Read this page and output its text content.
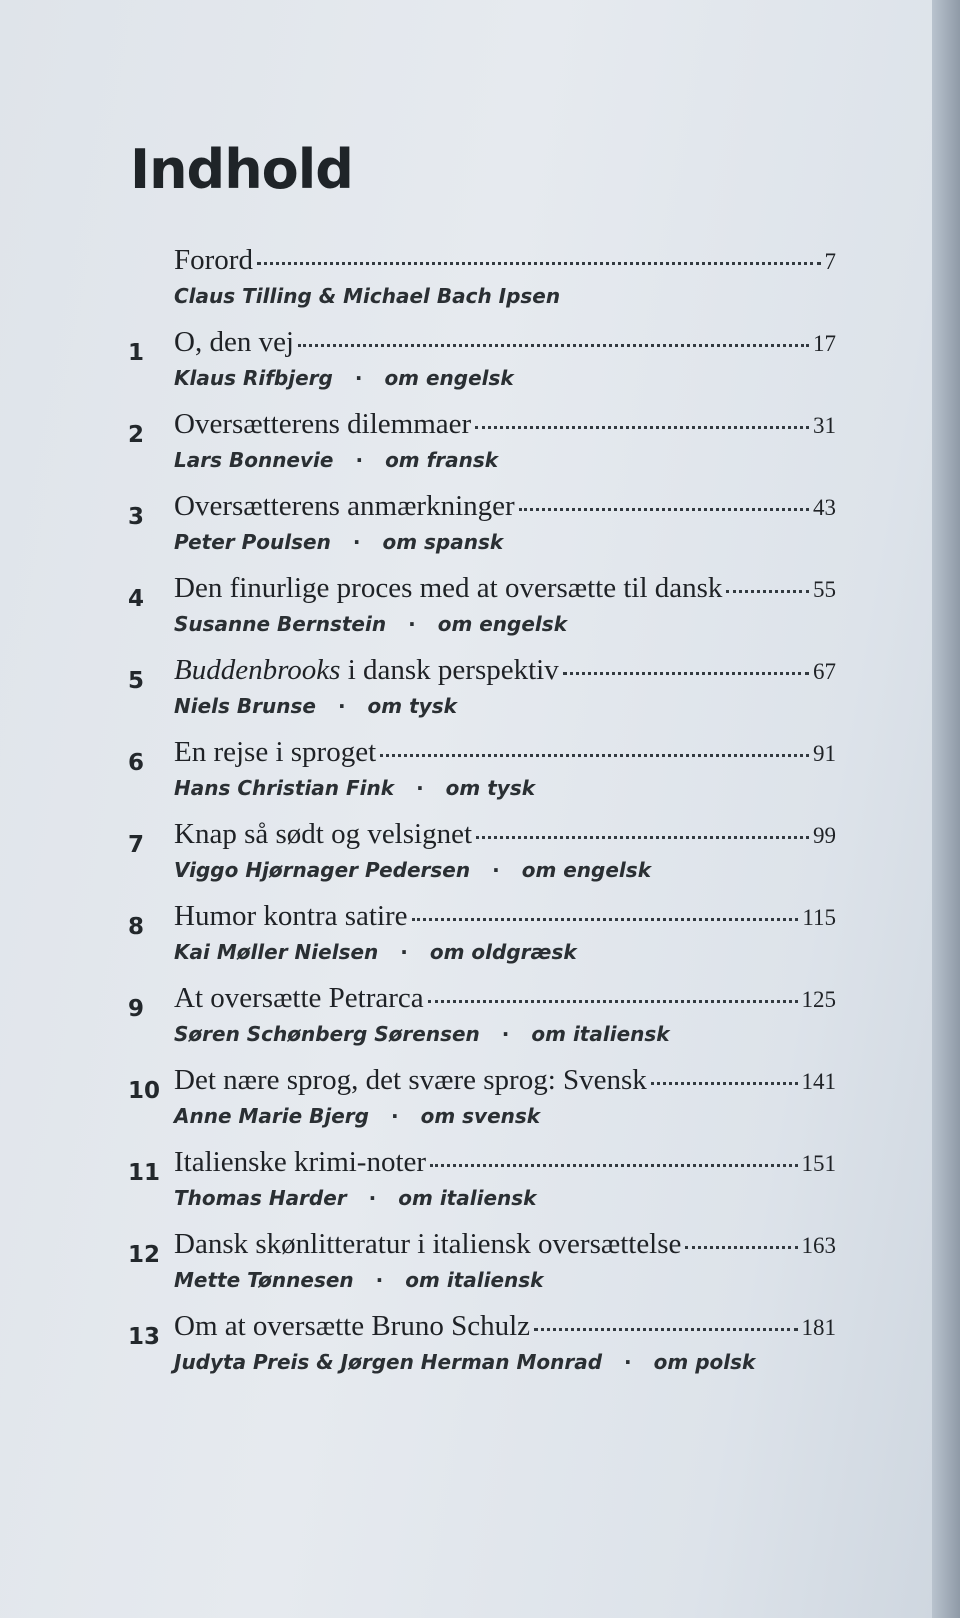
Indhold
Forord	7
Claus Tilling & Michael Bach Ipsen
1	O, den vej	17
Klaus Rifbjerg · om engelsk
2	Oversætterens dilemmaer	31
Lars Bonnevie · om fransk
3	Oversætterens anmærkninger	43
Peter Poulsen · om spansk
4	Den finurlige proces med at oversætte til dansk	55
Susanne Bernstein · om engelsk
5	Buddenbrooks i dansk perspektiv	67
Niels Brunse · om tysk
6	En rejse i sproget	91
Hans Christian Fink · om tysk
7	Knap så sødt og velsignet	99
Viggo Hjørnager Pedersen · om engelsk
8	Humor kontra satire	115
Kai Møller Nielsen · om oldgræsk
9	At oversætte Petrarca	125
Søren Schønberg Sørensen · om italiensk
10 Det nære sprog, det svære sprog: Svensk	141
Anne Marie Bjerg · om svensk
11 Italienske krimi-noter	151
Thomas Harder · om italiensk
12 Dansk skønlitteratur i italiensk oversættelse	163
Mette Tønnesen · om italiensk
13 Om at oversætte Bruno Schulz	181
Judyta Preis & Jørgen Herman Monrad · om polsk
